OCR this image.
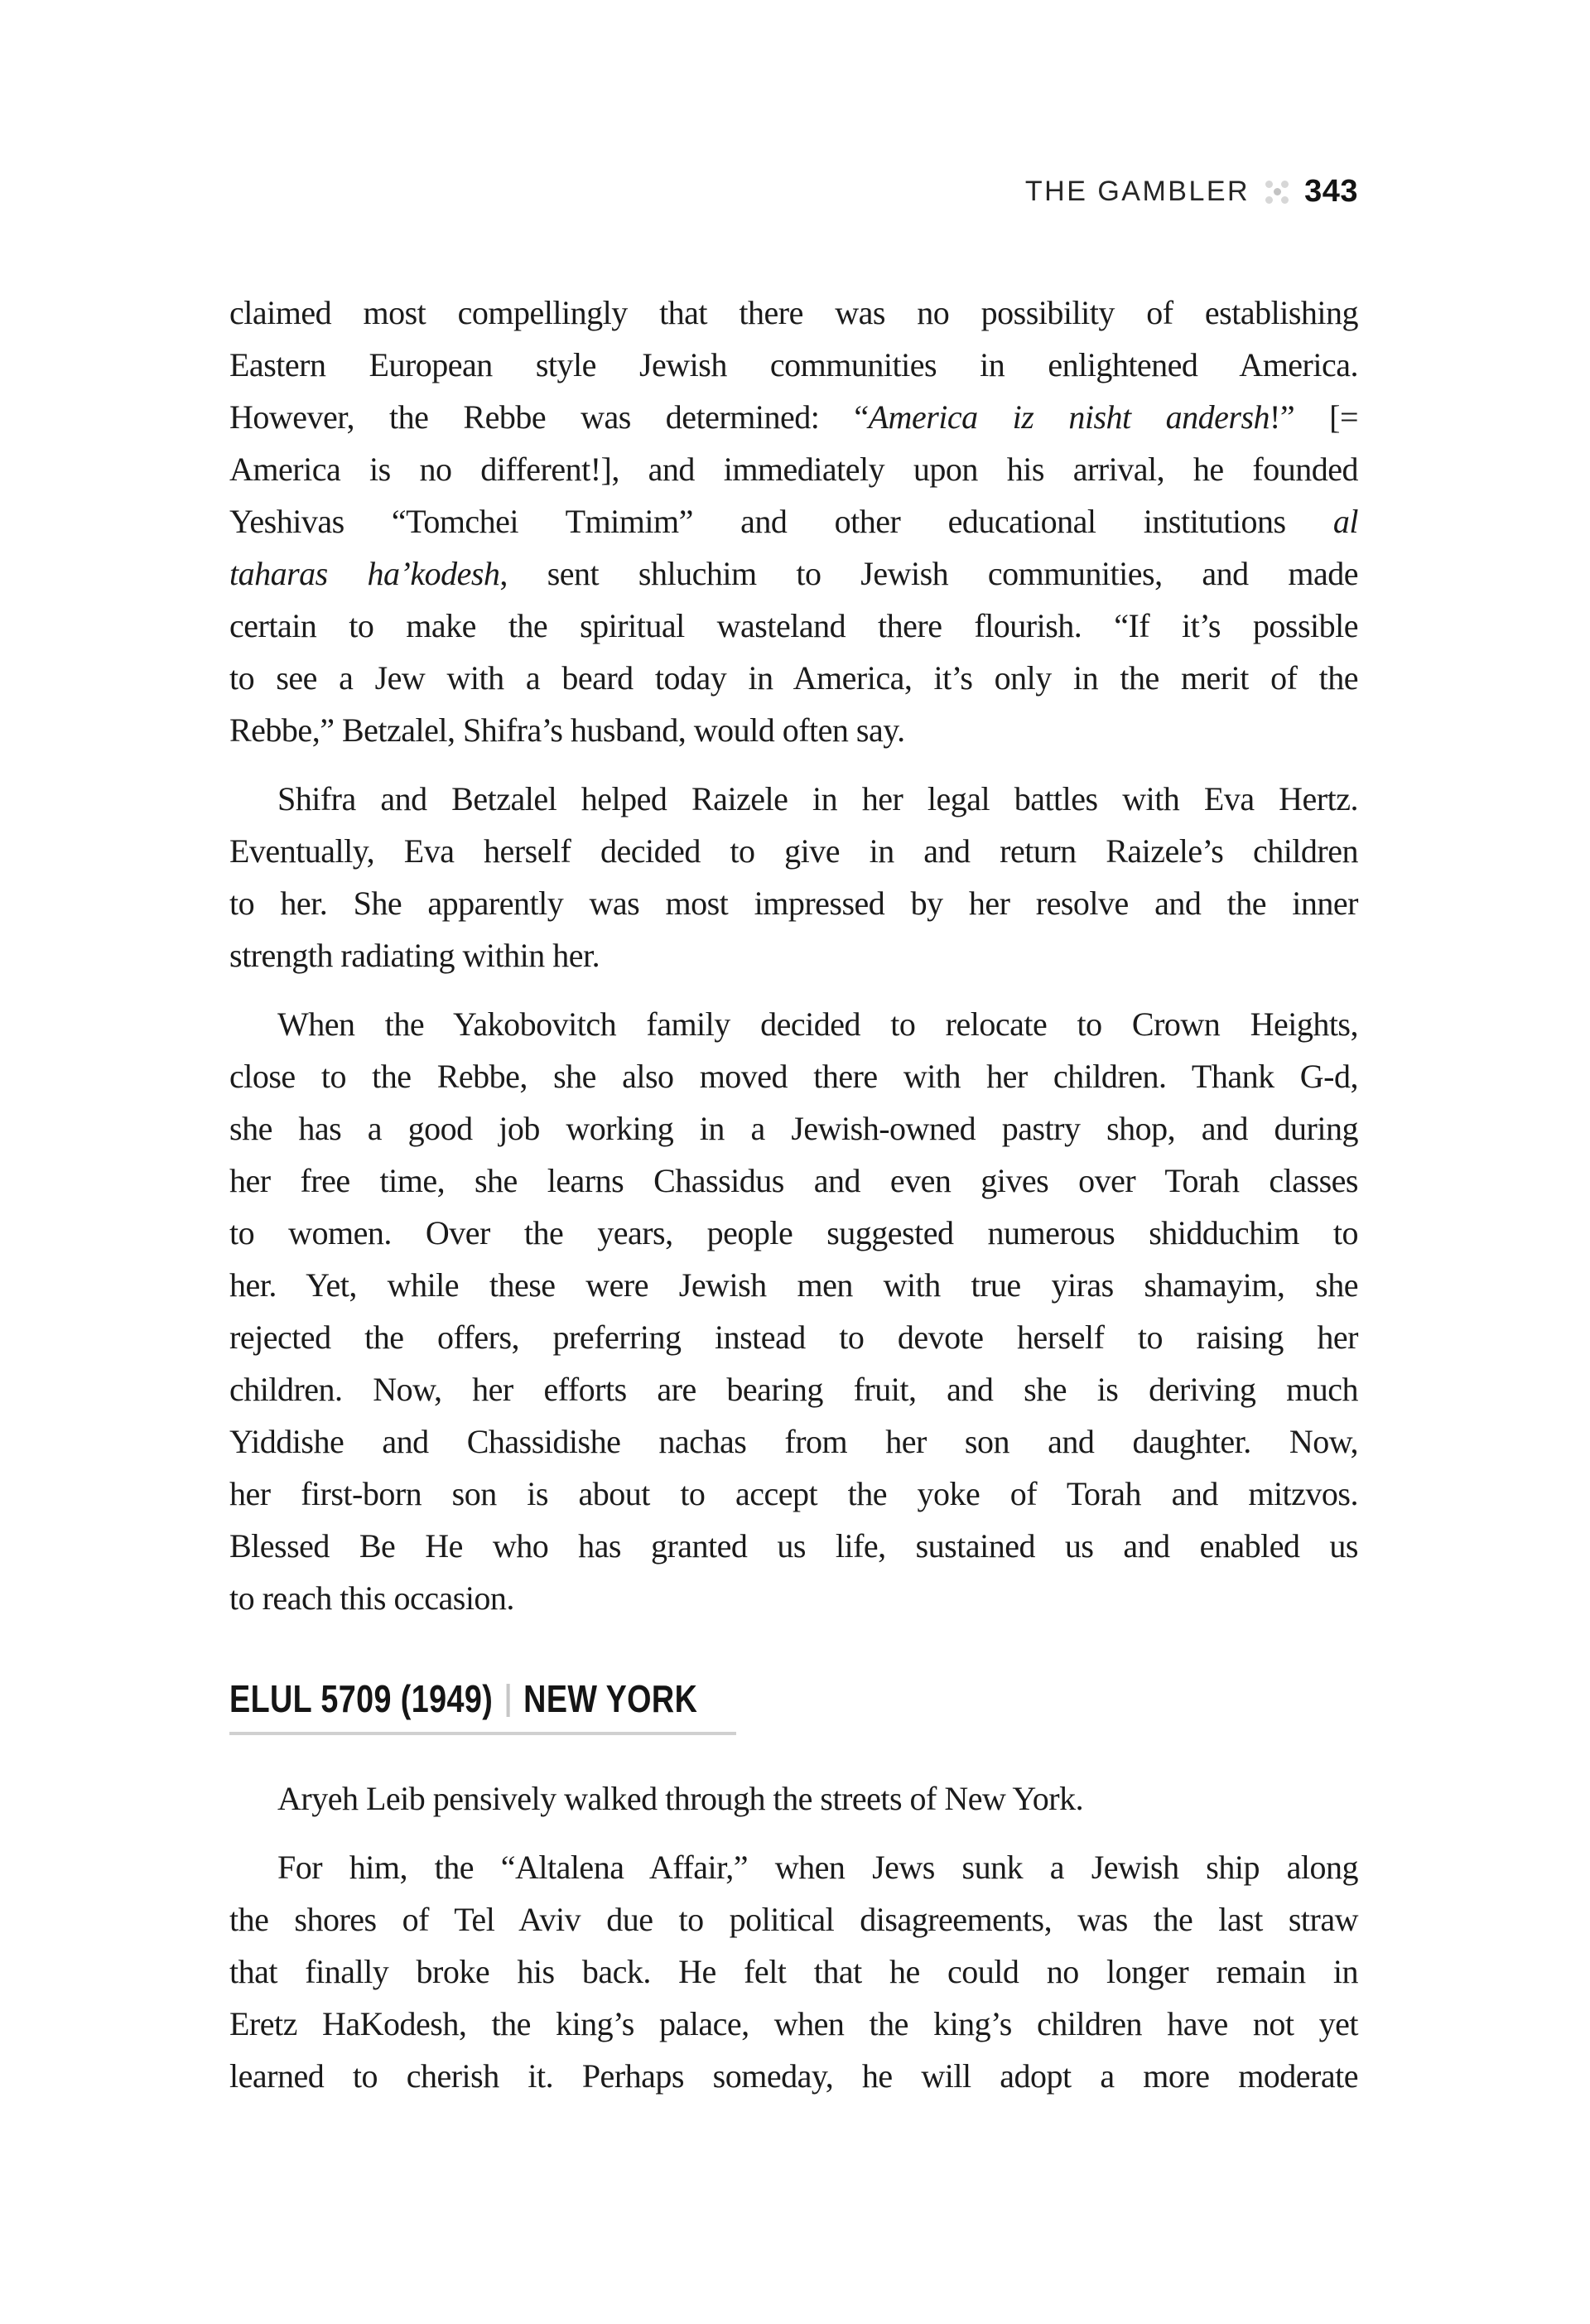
THE GAMBLER 343
claimed most compellingly that there was no possibility of establishing
Eastern European style Jewish communities in enlightened America.
However, the Rebbe was determined: “America iz nisht andersh!” [=
America is no different!], and immediately upon his arrival, he founded
Yeshivas “Tomchei Tmimim” and other educational institutions al
taharas ha’kodesh, sent shluchim to Jewish communities, and made
certain to make the spiritual wasteland there flourish. “If it’s possible
to see a Jew with a beard today in America, it’s only in the merit of the
Rebbe,” Betzalel, Shifra’s husband, would often say.
Shifra and Betzalel helped Raizele in her legal battles with Eva Hertz.
Eventually, Eva herself decided to give in and return Raizele’s children
to her. She apparently was most impressed by her resolve and the inner
strength radiating within her.
When the Yakobovitch family decided to relocate to Crown Heights,
close to the Rebbe, she also moved there with her children. Thank G-d,
she has a good job working in a Jewish-owned pastry shop, and during
her free time, she learns Chassidus and even gives over Torah classes
to women. Over the years, people suggested numerous shidduchim to
her. Yet, while these were Jewish men with true yiras shamayim, she
rejected the offers, preferring instead to devote herself to raising her
children. Now, her efforts are bearing fruit, and she is deriving much
Yiddishe and Chassidishe nachas from her son and daughter. Now,
her first-born son is about to accept the yoke of Torah and mitzvos.
Blessed Be He who has granted us life, sustained us and enabled us
to reach this occasion.
ELUL 5709 (1949) NEW YORK
Aryeh Leib pensively walked through the streets of New York.
For him, the “Altalena Affair,” when Jews sunk a Jewish ship along
the shores of Tel Aviv due to political disagreements, was the last straw
that finally broke his back. He felt that he could no longer remain in
Eretz HaKodesh, the king’s palace, when the king’s children have not yet
learned to cherish it. Perhaps someday, he will adopt a more moderate
